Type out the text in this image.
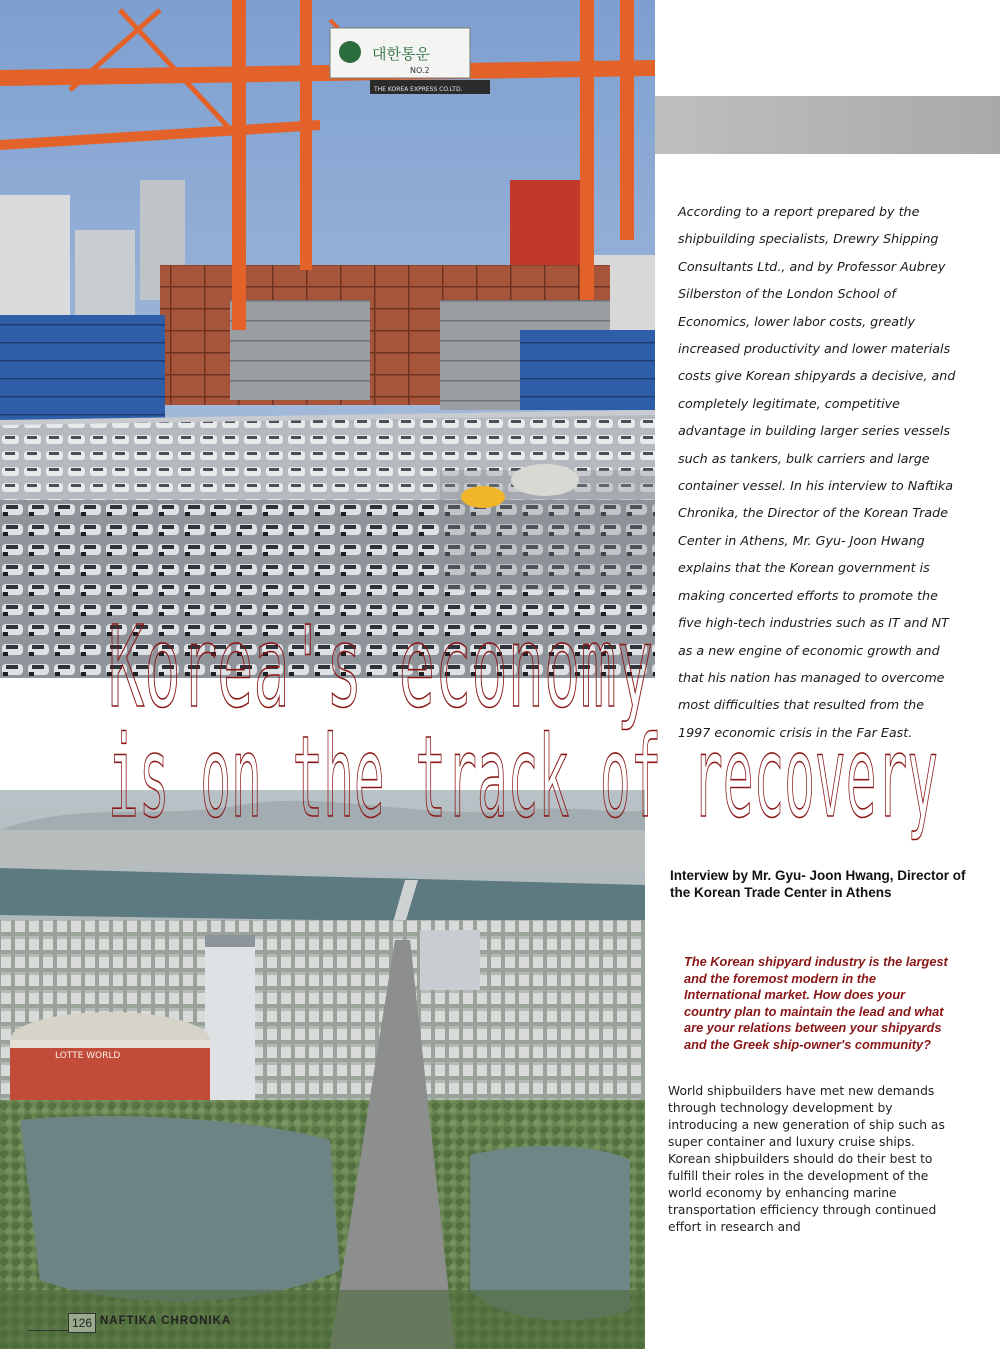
대한통운
NO.2
THE KOREA EXPRESS CO.LTD.
LOTTE WORLD
Korea's economy
is on the track of recovery
According to a report prepared by the shipbuilding specialists, Drewry Shipping Consultants Ltd., and by Professor Aubrey Silberston of the London School of Economics, lower labor costs, greatly increased productivity and lower materials costs give Korean shipyards a decisive, and completely legitimate, competitive advantage in building larger series vessels such as tankers, bulk carriers and large container vessel. In his interview to Naftika Chronika, the Director of the Korean Trade Center in Athens, Mr. Gyu- Joon Hwang explains that the Korean government is making concerted efforts to promote the five high-tech industries such as IT and NT as a new engine of economic growth and that his nation has managed to overcome most difficulties that resulted from the 1997 economic crisis in the Far East.
Interview by Mr. Gyu- Joon Hwang, Director of the Korean Trade Center in Athens
The Korean shipyard industry is the largest and the foremost modern in the International market. How does your country plan to maintain the lead and what are your relations between your shipyards and the Greek ship-owner's community?
World shipbuilders have met new demands through technology development by introducing a new generation of ship such as super container and luxury cruise ships. Korean shipbuilders should do their best to fulfill their roles in the development of the world economy by enhancing marine transportation efficiency through continued effort in research and
126 NAFTIKA CHRONIKA
